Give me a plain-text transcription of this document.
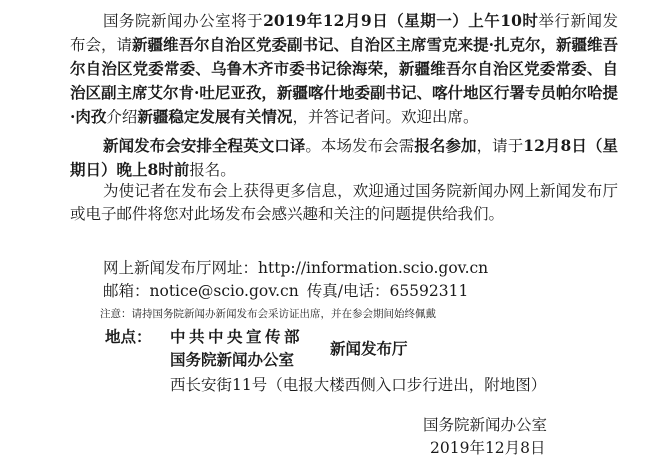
国务院新闻办公室将于2019年12月9日（星期一）上午10时举行新闻发布会，请新疆维吾尔自治区党委副书记、自治区主席雪克来提·扎克尔，新疆维吾尔自治区党委常委、乌鲁木齐市委书记徐海荣，新疆维吾尔自治区党委常委、自治区副主席艾尔肯·吐尼亚孜，新疆喀什地委副书记、喀什地区行署专员帕尔哈提·肉孜介绍新疆稳定发展有关情况，并答记者问。欢迎出席。

新闻发布会安排全程英文口译。本场发布会需报名参加，请于12月8日（星期日）晚上8时前报名。

为使记者在发布会上获得更多信息，欢迎通过国务院新闻办网上新闻发布厅或电子邮件将您对此场发布会感兴趣和关注的问题提供给我们。

网上新闻发布厅网址：http://information.scio.gov.cn
邮箱：notice@scio.gov.cn 传真/电话：65592311
注意：请持国务院新闻办新闻发布会采访证出席，并在参会期间始终佩戴
地点： 中共中央宣传部
国务院新闻办公室
新闻发布厅
西长安街11号（电报大楼西侧入口步行进出，附地图）
国务院新闻办公室
2019年12月8日
